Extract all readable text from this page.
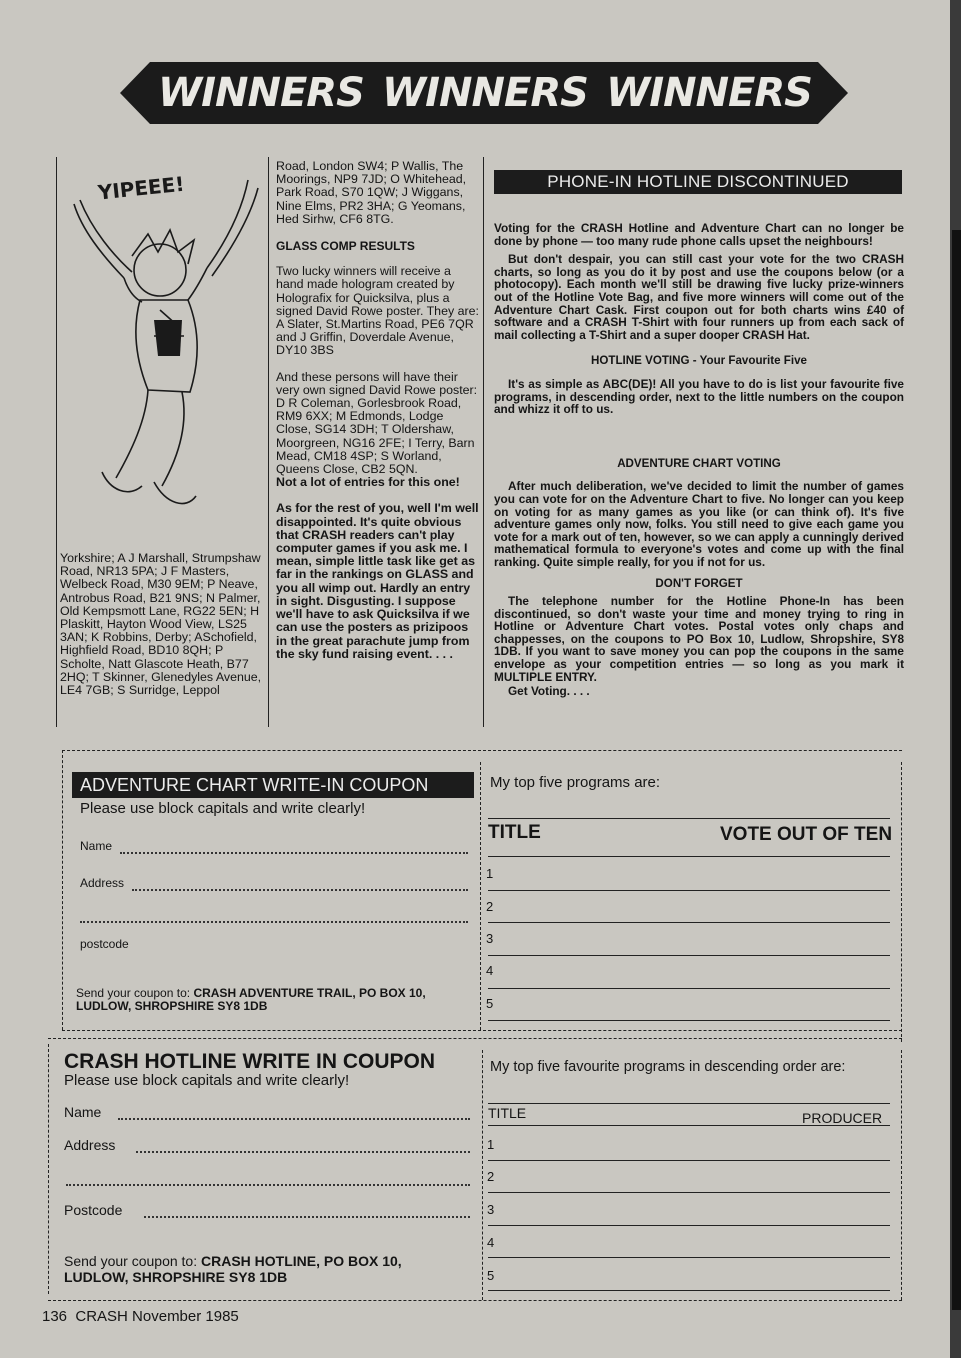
WINNERS WINNERS WINNERS
YIPEEE!

Yorkshire; A J Marshall, Strumpshaw Road, NR13 5PA; J F Masters, Welbeck Road, M30 9EM; P Neave, Antrobus Road, B21 9NS; N Palmer, Old Kempsmott Lane, RG22 5EN; H Plaskitt, Hayton Wood View, LS25 3AN; K Robbins, Derby; ASchofield, Highfield Road, BD10 8QH; P Scholte, Natt Glascote Heath, B77 2HQ; T Skinner, Glenedyles Avenue, LE4 7GB; S Surridge, Leppol

Road, London SW4; P Wallis, The Moorings, NP9 7JD; O Whitehead, Park Road, S70 1QW; J Wiggans, Nine Elms, PR2 3HA; G Yeomans, Hed Sirhw, CF6 8TG.

GLASS COMP RESULTS

Two lucky winners will receive a hand made hologram created by Holografix for Quicksilva, plus a signed David Rowe poster. They are: A Slater, St.Martins Road, PE6 7QR and J Griffin, Doverdale Avenue, DY10 3BS

And these persons will have their very own signed David Rowe poster: D R Coleman, Gorlesbrook Road, RM9 6XX; M Edmonds, Lodge Close, SG14 3DH; T Oldershaw, Moorgreen, NG16 2FE; I Terry, Barn Mead, CM18 4SP; S Worland, Queens Close, CB2 5QN.

Not a lot of entries for this one!

As for the rest of you, well I'm well disappointed. It's quite obvious that CRASH readers can't play computer games if you ask me. I mean, simple little task like get as far in the rankings on GLASS and you all wimp out. Hardly an entry in sight. Disgusting. I suppose we'll have to ask Quicksilva if we can use the posters as prizipoos in the great parachute jump from the sky fund raising event. . . .

PHONE-IN HOTLINE DISCONTINUED

Voting for the CRASH Hotline and Adventure Chart can no longer be done by phone — too many rude phone calls upset the neighbours!

But don't despair, you can still cast your vote for the two CRASH charts, so long as you do it by post and use the coupons below (or a photocopy). Each month we'll still be drawing five lucky prize-winners out of the Hotline Vote Bag, and five more winners will come out of the Adventure Chart Cask. First coupon out for both charts wins £40 of software and a CRASH T-Shirt with four runners up from each sack of mail collecting a T-Shirt and a super dooper CRASH Hat.

HOTLINE VOTING - Your Favourite Five

It's as simple as ABC(DE)! All you have to do is list your favourite five programs, in descending order, next to the little numbers on the coupon and whizz it off to us.

ADVENTURE CHART VOTING

After much deliberation, we've decided to limit the number of games you can vote for on the Adventure Chart to five. No longer can you keep on voting for as many games as you like (or can think of). It's five adventure games only now, folks. You still need to give each game you vote for a mark out of ten, however, so we can apply a cunningly derived mathematical formula to everyone's votes and come up with the final ranking. Quite simple really, for you if not for us.

DON'T FORGET

The telephone number for the Hotline Phone-In has been discontinued, so don't waste your time and money trying to ring in Hotline or Adventure Chart votes. Postal votes only chaps and chappesses, on the coupons to PO Box 10, Ludlow, Shropshire, SY8 1DB. If you want to save money you can pop the coupons in the same envelope as your competition entries — so long as you mark it MULTIPLE ENTRY.

Get Voting. . . .

ADVENTURE CHART WRITE-IN COUPON
Please use block capitals and write clearly!
Name
Address
postcode
Send your coupon to: CRASH ADVENTURE TRAIL, PO BOX 10,
LUDLOW, SHROPSHIRE SY8 1DB
My top five programs are:
TITLE	VOTE OUT OF TEN
1
2
3
4
5
CRASH HOTLINE WRITE IN COUPON
Please use block capitals and write clearly!
Name
Address
Postcode
Send your coupon to: CRASH HOTLINE, PO BOX 10,
LUDLOW, SHROPSHIRE SY8 1DB
My top five favourite programs in descending order are:
TITLE	PRODUCER
1
2
3
4
5
136 CRASH November 1985
